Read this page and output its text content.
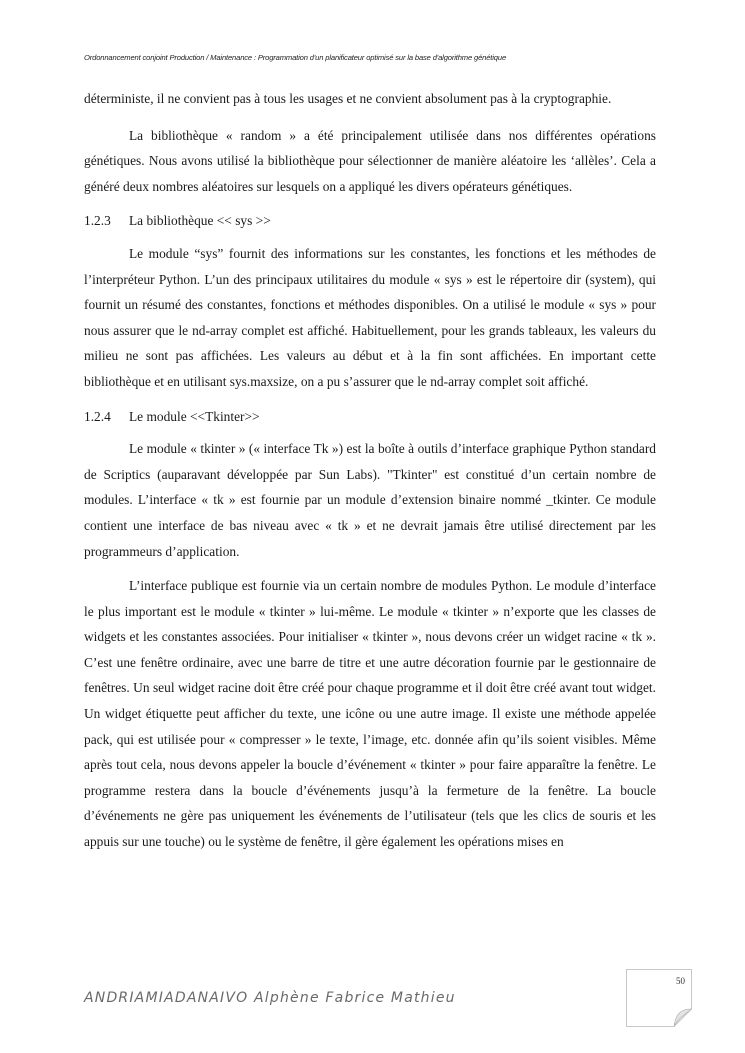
Ordonnancement conjoint Production / Maintenance : Programmation d'un planificateur optimisé sur la base d'algorithme génétique

déterministe, il ne convient pas à tous les usages et ne convient absolument pas à la cryptographie.

La bibliothèque « random » a été principalement utilisée dans nos différentes opérations génétiques. Nous avons utilisé la bibliothèque pour sélectionner de manière aléatoire les ‘allèles’. Cela a généré deux nombres aléatoires sur lesquels on a appliqué les divers opérateurs génétiques.

1.2.3 La bibliothèque << sys >>

Le module “sys” fournit des informations sur les constantes, les fonctions et les méthodes de l’interpréteur Python. L’un des principaux utilitaires du module « sys » est le répertoire dir (system), qui fournit un résumé des constantes, fonctions et méthodes disponibles. On a utilisé le module « sys » pour nous assurer que le nd-array complet est affiché. Habituellement, pour les grands tableaux, les valeurs du milieu ne sont pas affichées. Les valeurs au début et à la fin sont affichées. En important cette bibliothèque et en utilisant sys.maxsize, on a pu s’assurer que le nd-array complet soit affiché.

1.2.4 Le module <<Tkinter>>

Le module « tkinter » (« interface Tk ») est la boîte à outils d’interface graphique Python standard de Scriptics (auparavant développée par Sun Labs). "Tkinter" est constitué d’un certain nombre de modules. L’interface « tk » est fournie par un module d’extension binaire nommé _tkinter. Ce module contient une interface de bas niveau avec « tk » et ne devrait jamais être utilisé directement par les programmeurs d’application.

L’interface publique est fournie via un certain nombre de modules Python. Le module d’interface le plus important est le module « tkinter » lui-même. Le module « tkinter » n’exporte que les classes de widgets et les constantes associées. Pour initialiser « tkinter », nous devons créer un widget racine « tk ». C’est une fenêtre ordinaire, avec une barre de titre et une autre décoration fournie par le gestionnaire de fenêtres. Un seul widget racine doit être créé pour chaque programme et il doit être créé avant tout widget. Un widget étiquette peut afficher du texte, une icône ou une autre image. Il existe une méthode appelée pack, qui est utilisée pour « compresser » le texte, l’image, etc. donnée afin qu’ils soient visibles. Même après tout cela, nous devons appeler la boucle d’événement « tkinter » pour faire apparaître la fenêtre. Le programme restera dans la boucle d’événements jusqu’à la fermeture de la fenêtre. La boucle d’événements ne gère pas uniquement les événements de l’utilisateur (tels que les clics de souris et les appuis sur une touche) ou le système de fenêtre, il gère également les opérations mises en

ANDRIAMIADANAIVO Alphène Fabrice Mathieu
50
